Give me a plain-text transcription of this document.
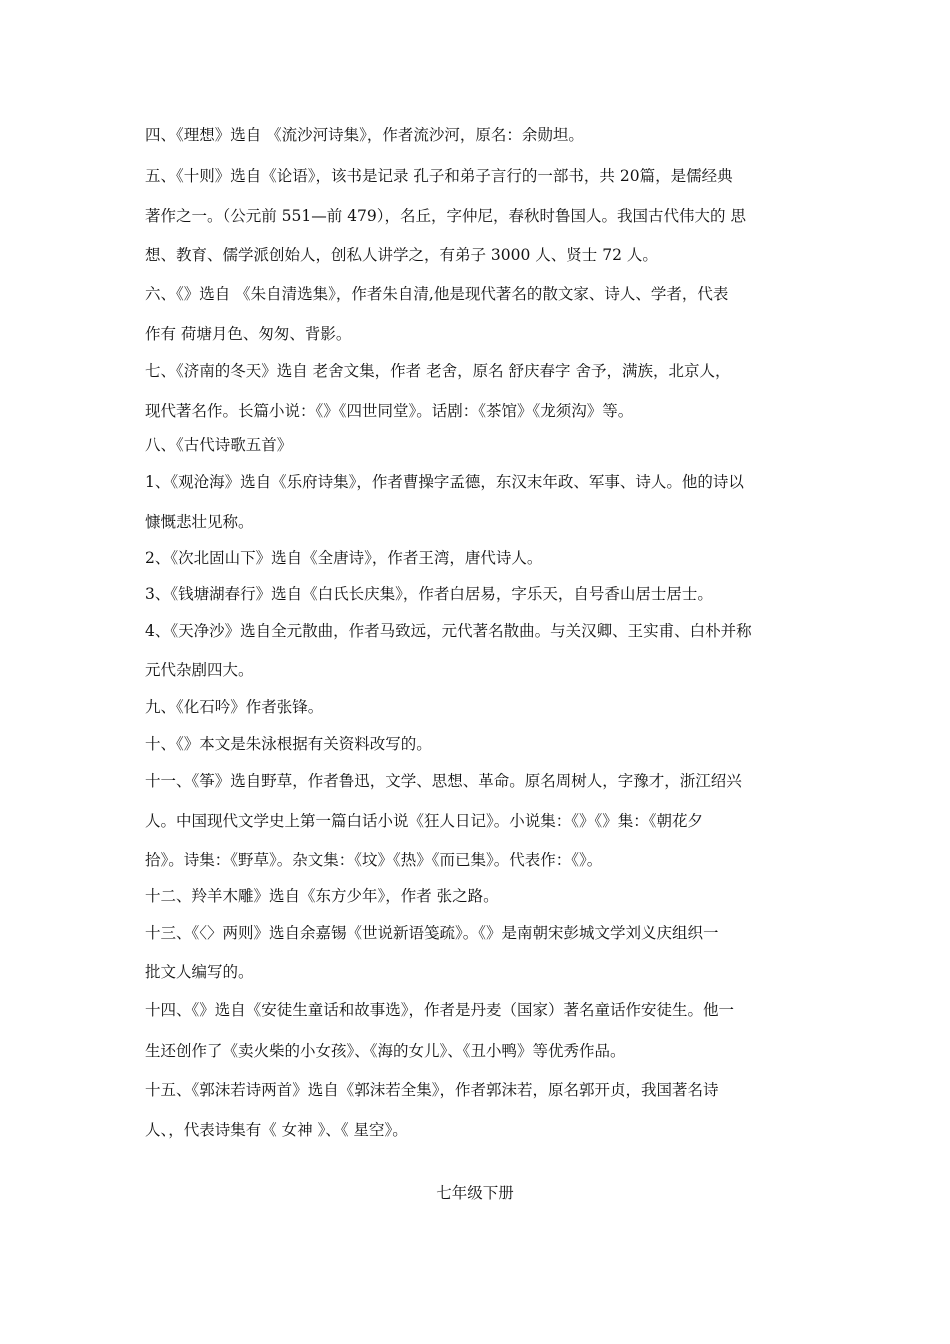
四、《理想》选自 《流沙河诗集》，作者流沙河，原名：余勋坦。
五、《十则》选自《论语》，该书是记录 孔子和弟子言行的一部书，共 20篇，是儒经典
著作之一。（公元前 551—前 479），名丘，字仲尼，春秋时鲁国人。我国古代伟大的 思
想、教育、儒学派创始人，创私人讲学之，有弟子 3000 人、贤士 72 人。
六、《》选自 《朱自清选集》，作者朱自清,他是现代著名的散文家、诗人、学者，代表
作有 荷塘月色、匆匆、背影。
七、《济南的冬天》选自 老舍文集，作者 老舍，原名 舒庆春字 舍予，满族，北京人，
现代著名作。长篇小说：《》《四世同堂》。话剧：《茶馆》《龙须沟》等。
八、《古代诗歌五首》
1、《观沧海》选自《乐府诗集》，作者曹操字孟德，东汉末年政、军事、诗人。他的诗以
慷慨悲壮见称。
2、《次北固山下》选自《全唐诗》，作者王湾，唐代诗人。
3、《钱塘湖春行》选自《白氏长庆集》，作者白居易，字乐天，自号香山居士居士。
4、《天净沙》选自全元散曲，作者马致远，元代著名散曲。与关汉卿、王实甫、白朴并称
元代杂剧四大。
九、《化石吟》作者张锋。
十、《》本文是朱泳根据有关资料改写的。
十一、《筝》选自野草，作者鲁迅，文学、思想、革命。原名周树人，字豫才，浙江绍兴
人。中国现代文学史上第一篇白话小说《狂人日记》。小说集：《》《》集：《朝花夕
拾》。诗集：《野草》。杂文集：《坟》《热》《而已集》。代表作：《》。
十二、羚羊木雕》选自《东方少年》，作者 张之路。
十三、《〈〉两则》选自余嘉锡《世说新语笺疏》。《》是南朝宋彭城文学刘义庆组织一
批文人编写的。
十四、《》选自《安徒生童话和故事选》，作者是丹麦（国家）著名童话作安徒生。他一
生还创作了《卖火柴的小女孩》、《海的女儿》、《丑小鸭》等优秀作品。
十五、《郭沫若诗两首》选自《郭沫若全集》，作者郭沫若，原名郭开贞，我国著名诗
人、，代表诗集有《 女神 》、《 星空》。
七年级下册
